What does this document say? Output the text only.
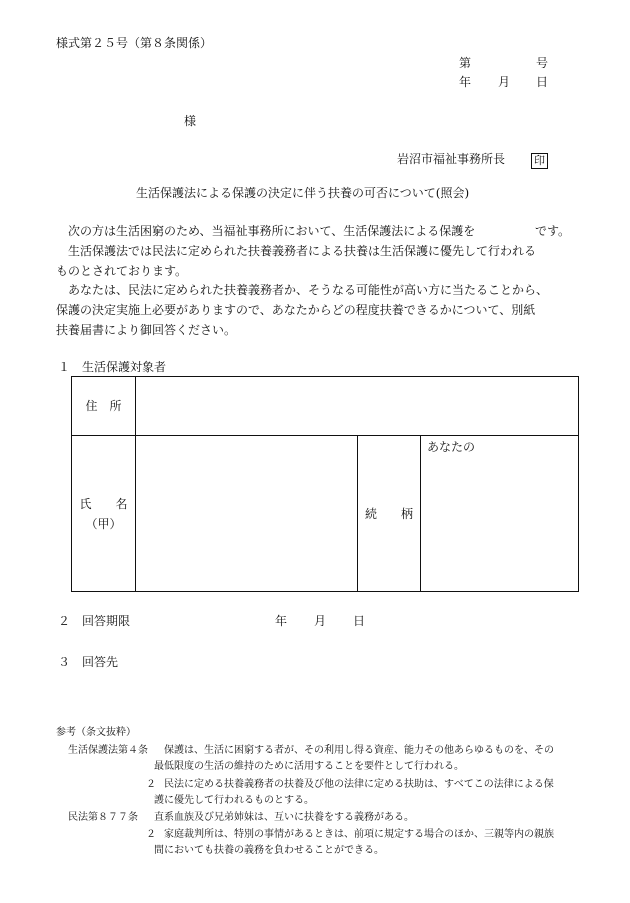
様式第２５号（第８条関係）
第	号
年 月 日
様
岩沼市福祉事務所長	印
生活保護法による保護の決定に伴う扶養の可否について(照会)
次の方は生活困窮のため、当福祉事務所において、生活保護法による保護を	です。
生活保護法では民法に定められた扶養義務者による扶養は生活保護に優先して行われる
ものとされております。
あなたは、民法に定められた扶養義務者か、そうなる可能性が高い方に当たることから、
保護の決定実施上必要がありますので、あなたからどの程度扶養できるかについて、別紙
扶養届書により御回答ください。
１ 生活保護対象者
住　所			

氏　　名
（甲）		続　　柄	あなたの
２ 回答期限	年 月 日
３ 回答先
参考（条文抜粋）
生活保護法第４条 保護は、生活に困窮する者が、その利用し得る資産、能力その他あらゆるものを、その
最低限度の生活の維持のために活用することを要件として行われる。
２ 民法に定める扶養義務者の扶養及び他の法律に定める扶助は、すべてこの法律による保
護に優先して行われるものとする。
民法第８７７条 直系血族及び兄弟姉妹は、互いに扶養をする義務がある。
２ 家庭裁判所は、特別の事情があるときは、前項に規定する場合のほか、三親等内の親族
間においても扶養の義務を負わせることができる。
